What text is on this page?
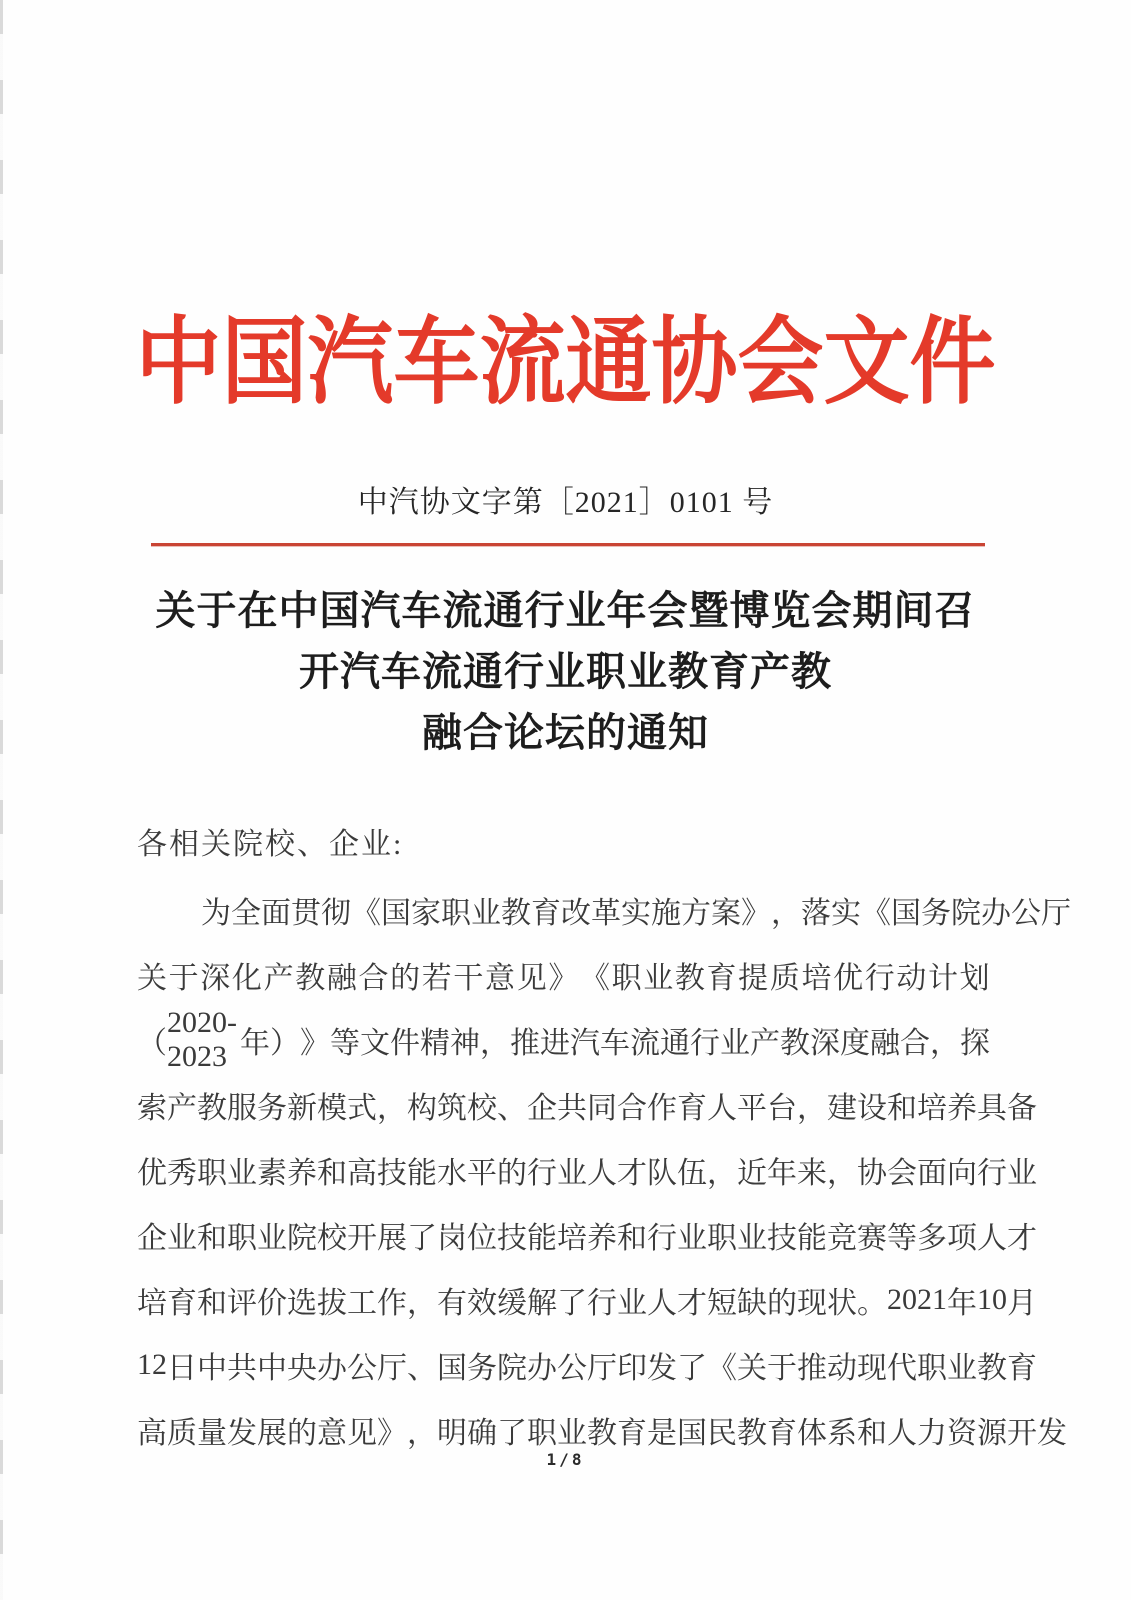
中国汽车流通协会文件
中汽协文字第［2021］0101 号
关于在中国汽车流通行业年会暨博览会期间召
开汽车流通行业职业教育产教
融合论坛的通知
各相关院校、企业:
为 全 面 贯 彻 《 国 家 职 业 教 育 改 革 实 施 方 案 》 ， 落 实 《 国 务 院 办 公 厅
关 于 深 化 产 教 融 合 的 若 干 意 见 》 《 职 业 教 育 提 质 培 优 行 动 计 划
（
2020-2023 年 ） 》 等 文 件 精 神 ， 推 进 汽 车 流 通 行 业 产 教 深 度 融 合 ， 探
索 产 教 服 务 新 模 式 ， 构 筑 校 、 企 共 同 合 作 育 人 平 台 ， 建 设 和 培 养 具 备
优 秀 职 业 素 养 和 高 技 能 水 平 的 行 业 人 才 队 伍 ， 近 年 来 ， 协 会 面 向 行 业
企 业 和 职 业 院 校 开 展 了 岗 位 技 能 培 养 和 行 业 职 业 技 能 竞 赛 等 多 项 人 才
培 育 和 评 价 选 拔 工 作 ， 有 效 缓 解 了 行 业 人 才 短 缺 的 现 状 。 2021 年 10 月
12 日 中 共 中 央 办 公 厅 、 国 务 院 办 公 厅 印 发 了 《 关 于 推 动 现 代 职 业 教 育
高 质 量 发 展 的 意 见 》 ， 明 确 了 职 业 教 育 是 国 民 教 育 体 系 和 人 力 资 源 开 发
1/8
